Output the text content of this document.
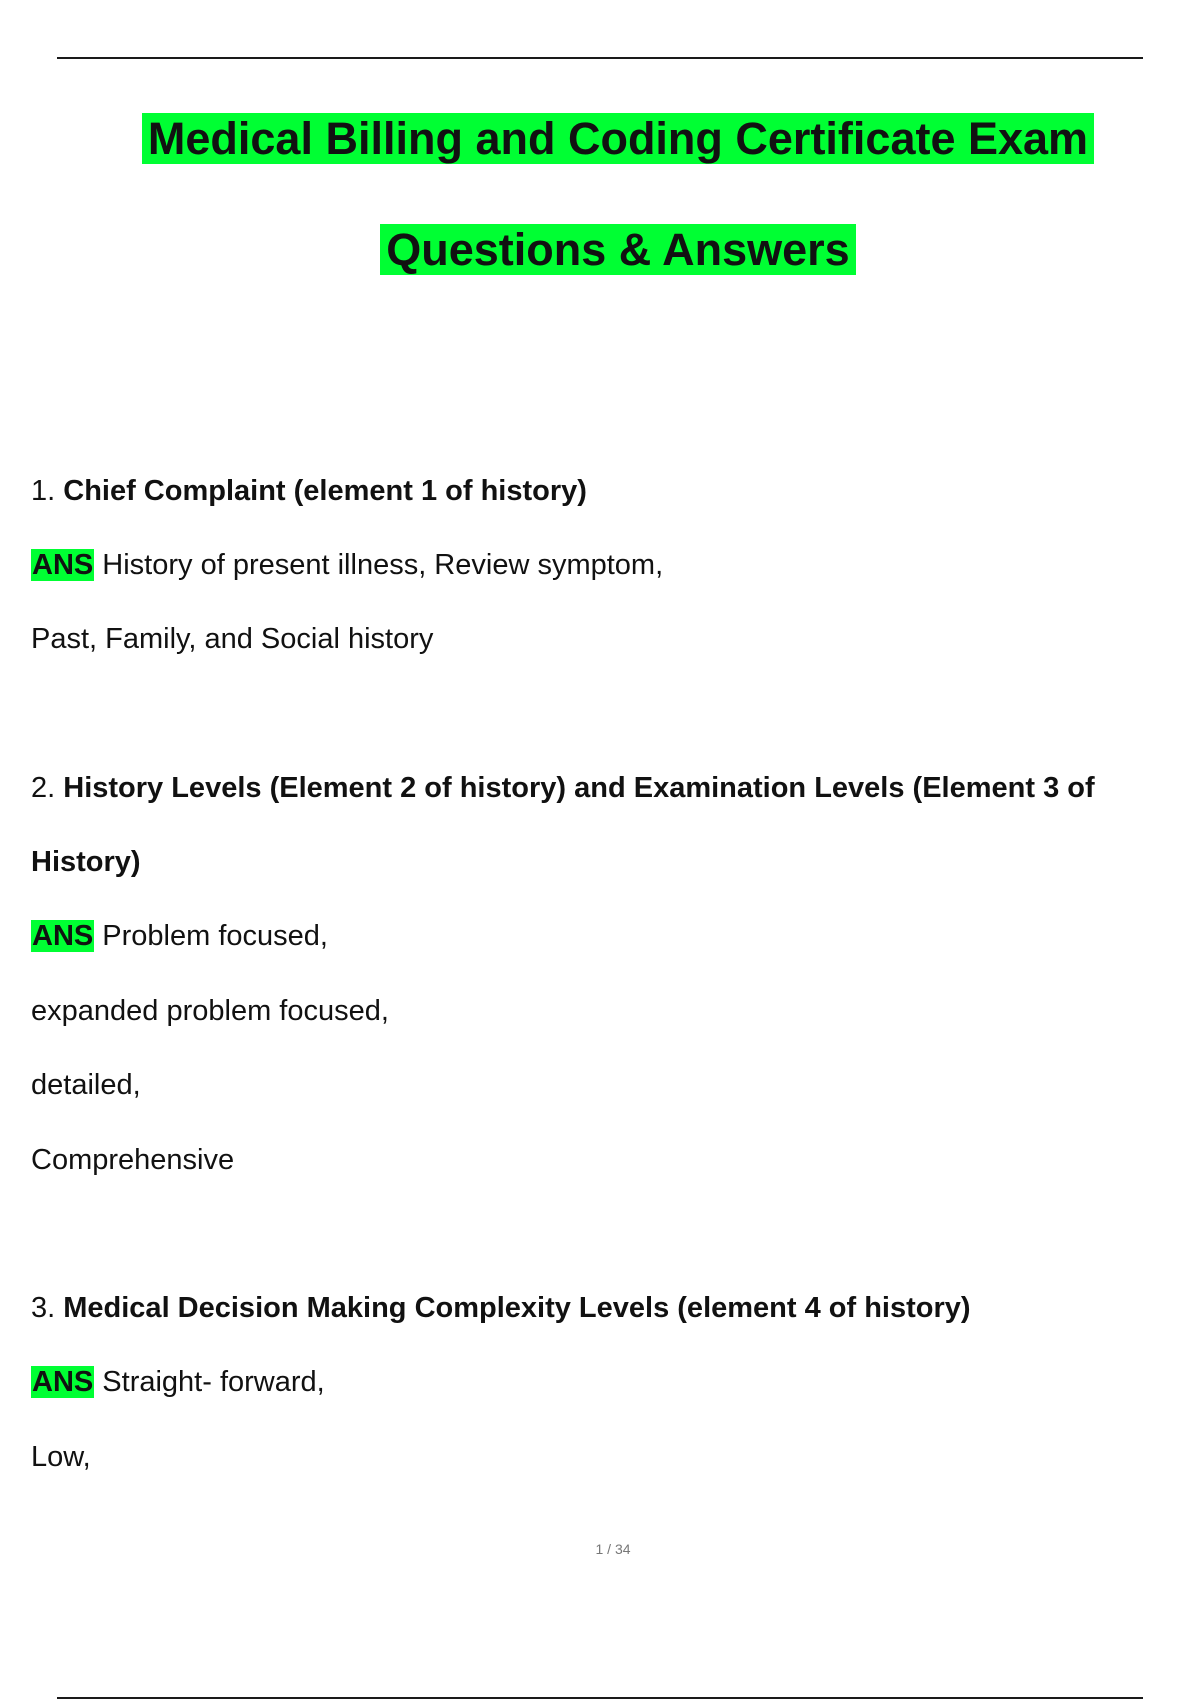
Medical Billing and Coding Certificate Exam
Questions & Answers
1. Chief Complaint (element 1 of history)
ANS History of present illness, Review symptom,
Past, Family, and Social history
2. History Levels (Element 2 of history) and Examination Levels (Element 3 of
History)
ANS Problem focused,
expanded problem focused,
detailed,
Comprehensive
3. Medical Decision Making Complexity Levels (element 4 of history)
ANS Straight- forward,
Low,
1 / 34
